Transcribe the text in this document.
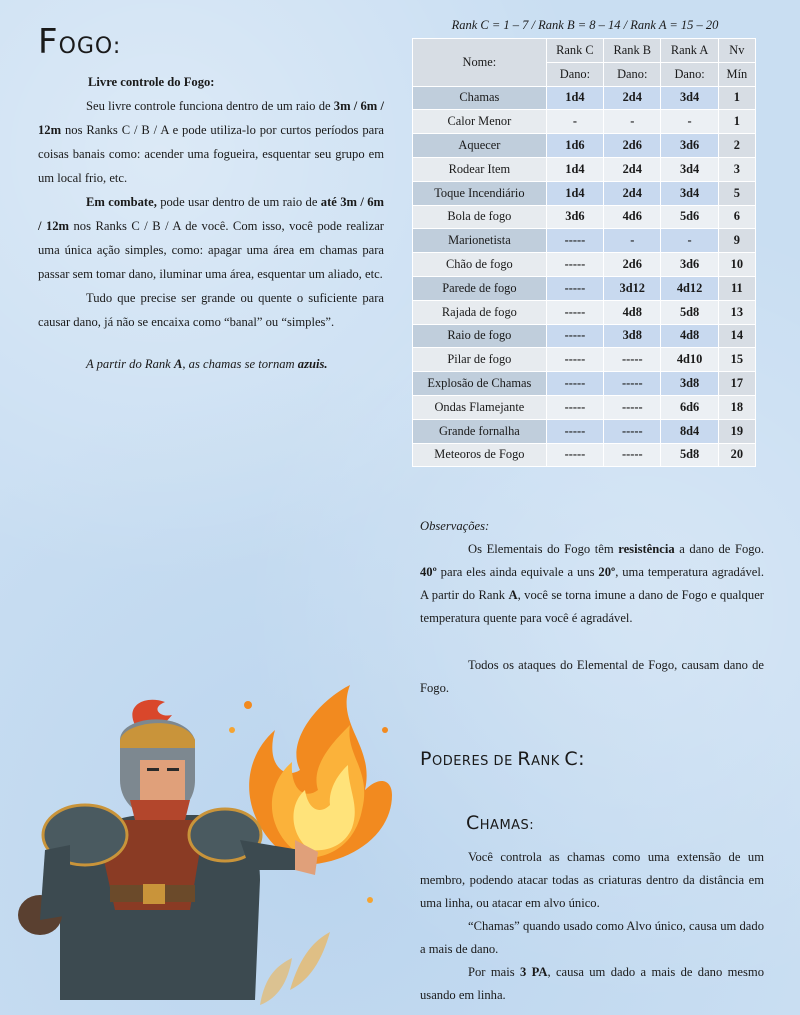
FOGO:

Livre controle do Fogo:

Seu livre controle funciona dentro de um raio de 3m / 6m / 12m nos Ranks C / B / A e pode utiliza-lo por curtos períodos para coisas banais como: acender uma fogueira, esquentar seu grupo em um local frio, etc.

Em combate, pode usar dentro de um raio de até 3m / 6m / 12m nos Ranks C / B / A de você. Com isso, você pode realizar uma única ação simples, como: apagar uma área em chamas para passar sem tomar dano, iluminar uma área, esquentar um aliado, etc.

Tudo que precise ser grande ou quente o suficiente para causar dano, já não se encaixa como “banal” ou “simples”.

A partir do Rank A, as chamas se tornam azuis.

Rank C = 1 – 7 / Rank B = 8 – 14 / Rank A = 15 – 20
Nome:	Rank C	Rank B	Rank A	Nv
	Dano:	Dano:	Dano:	Mín
Chamas	1d4	2d4	3d4	1
Calor Menor	-	-	-	1
Aquecer	1d6	2d6	3d6	2
Rodear Item	1d4	2d4	3d4	3
Toque Incendiário	1d4	2d4	3d4	5
Bola de fogo	3d6	4d6	5d6	6
Marionetista	-----	-	-	9
Chão de fogo	-----	2d6	3d6	10
Parede de fogo	-----	3d12	4d12	11
Rajada de fogo	-----	4d8	5d8	13
Raio de fogo	-----	3d8	4d8	14
Pilar de fogo	-----	-----	4d10	15
Explosão de Chamas	-----	-----	3d8	17
Ondas Flamejante	-----	-----	6d6	18
Grande fornalha	-----	-----	8d4	19
Meteoros de Fogo	-----	-----	5d8	20

Observações:

Os Elementais do Fogo têm resistência a dano de Fogo. 40º para eles ainda equivale a uns 20º, uma temperatura agradável. A partir do Rank A, você se torna imune a dano de Fogo e qualquer temperatura quente para você é agradável.

Todos os ataques do Elemental de Fogo, causam dano de Fogo.

PODERES DE RANK C:
CHAMAS:

Você controla as chamas como uma extensão de um membro, podendo atacar todas as criaturas dentro da distância em uma linha, ou atacar em alvo único.

“Chamas” quando usado como Alvo único, causa um dado a mais de dano.

Por mais 3 PA, causa um dado a mais de dano mesmo usando em linha.
